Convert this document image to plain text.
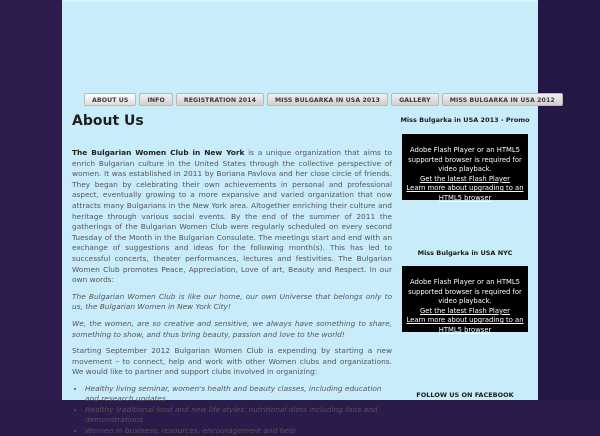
ABOUT US	INFO	REGISTRATION 2014	MISS BULGARKA IN USA 2013	GALLERY	MISS BULGARKA IN USA 2012
About Us

The Bulgarian Women Club in New York is a unique organization that aims to enrich Bulgarian culture in the United States through the collective perspective of women. It was established in 2011 by Boriana Pavlova and her close circle of friends. They began by celebrating their own achievements in personal and professional aspect, eventually growing to a more expansive and varied organization that now attracts many Bulgarians in the New York area. Altogether enriching their culture and heritage through various social events. By the end of the summer of 2011 the gatherings of the Bulgarian Women Club were regularly scheduled on every second Tuesday of the Month in the Bulgarian Consulate. The meetings start and end with an exchange of suggestions and ideas for the following month(s). This has led to successful concerts, theater performances, lectures and festivities. The Bulgarian Women Club promotes Peace, Appreciation, Love of art, Beauty and Respect. In our own words:

The Bulgarian Women Club is like our home, our own Universe that belongs only to us, the Bulgarian Women in New York City!

We, the women, are so creative and sensitive, we always have something to share, something to show, and thus bring beauty, passion and love to the world!

Starting September 2012 Bulgarian Women Club is expending by starting a new movement – to connect, help and work with other Women clubs and organizations. We would like to partner and support clubs involved in organizing:

• Healthy living seminar, women's health and beauty classes, including education and research updates
• Healthy traditional food and new life styles' nutritional diets including fairs and demonstrations
• Women in business, resources, encouragement and help
Miss Bulgarka in USA 2013 - Promo
Adobe Flash Player or an HTML5 supported browser is required for video playback.
Get the latest Flash Player
Learn more about upgrading to an HTML5 browser
Miss Bulgarka in USA NYC
Adobe Flash Player or an HTML5 supported browser is required for video playback.
Get the latest Flash Player
Learn more about upgrading to an HTML5 browser
FOLLOW US ON FACEBOOK
